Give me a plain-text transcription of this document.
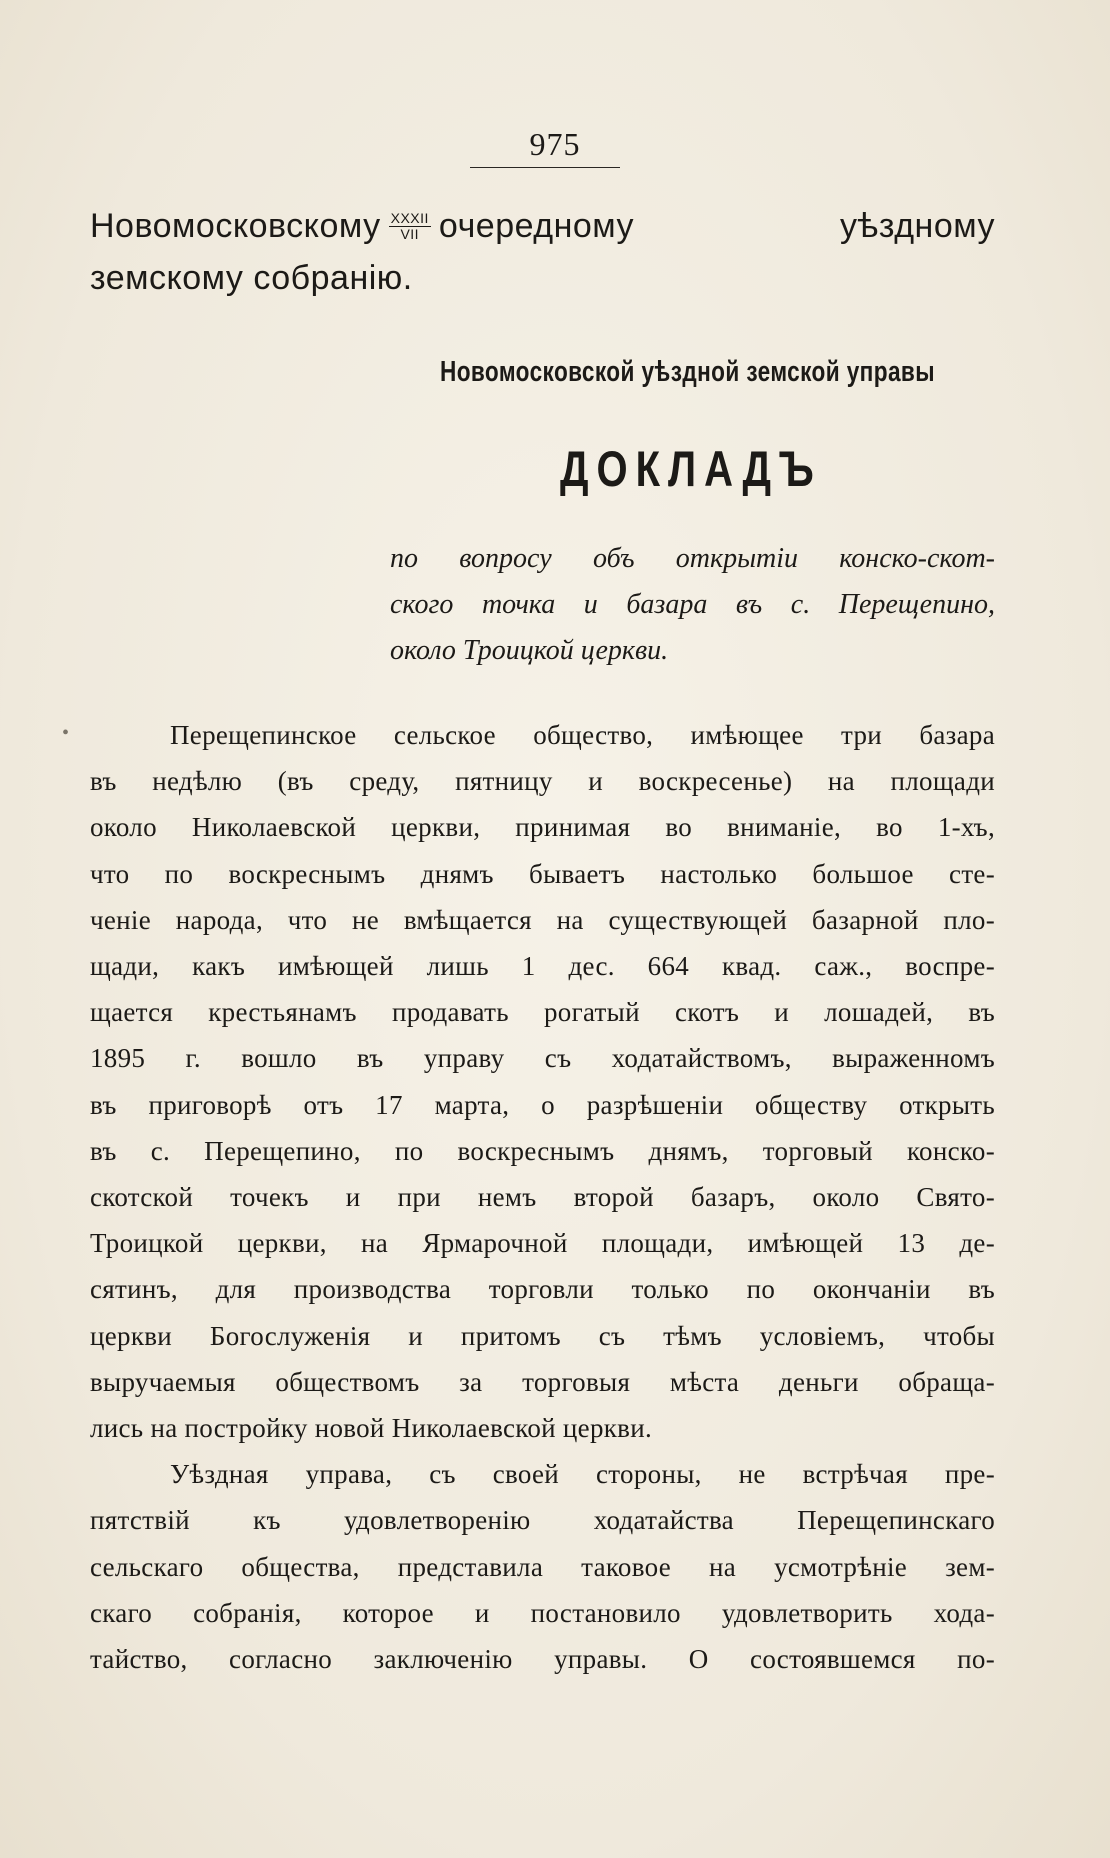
975
Новомосковскому $\frac{\text{XXXII}}{\text{VII}}$ очередному	уѣздному
земскому собранію.
Новомосковской уѣздной земской управы
ДОКЛАДЪ
по вопросу объ открытіи конско-скот-
ского точка и базара въ с. Перещепино,
около Троицкой церкви.
Перещепинское сельское общество, имѣющее три базара
въ недѣлю (въ среду, пятницу и воскресенье) на площади
около Николаевской церкви, принимая во вниманіе, во 1-хъ,
что по воскреснымъ днямъ бываетъ настолько большое сте-
ченіе народа, что не вмѣщается на существующей базарной пло-
щади, какъ имѣющей лишь 1 дес. 664 квад. саж., воспре-
щается крестьянамъ продавать рогатый скотъ и лошадей, въ
1895 г. вошло въ управу съ ходатайствомъ, выраженномъ
въ приговорѣ отъ 17 марта, о разрѣшеніи обществу открыть
въ с. Перещепино, по воскреснымъ днямъ, торговый конско-
скотской точекъ и при немъ второй базаръ, около Свято-
Троицкой церкви, на Ярмарочной площади, имѣющей 13 де-
сятинъ, для производства торговли только по окончаніи въ
церкви Богослуженія и притомъ съ тѣмъ условіемъ, чтобы
выручаемыя обществомъ за торговыя мѣста деньги обраща-
лись на постройку новой Николаевской церкви.
Уѣздная управа, съ своей стороны, не встрѣчая пре-
пятствій къ удовлетворенію ходатайства Перещепинскаго
сельскаго общества, представила таковое на усмотрѣніе зем-
скаго собранія, которое и постановило удовлетворить хода-
тайство, согласно заключенію управы. О состоявшемся по-
•
